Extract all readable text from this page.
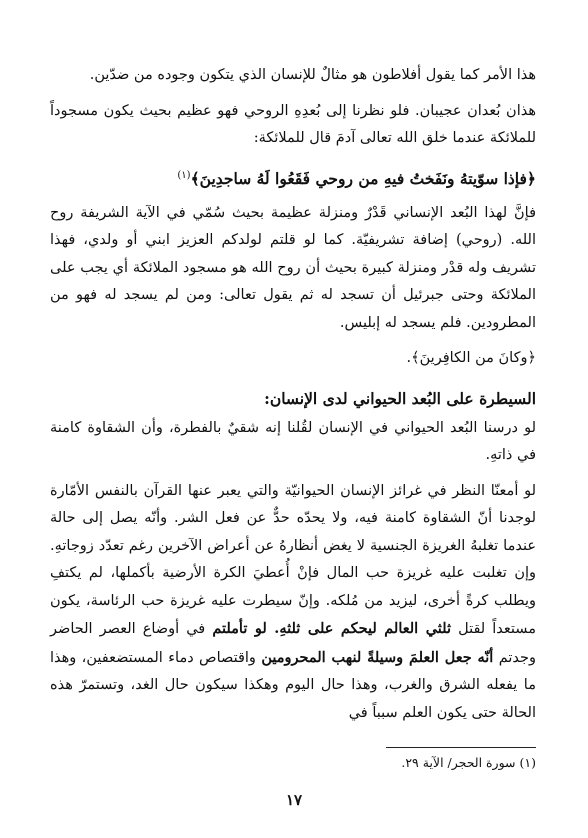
هذا الأمر كما يقول أفلاطون هو مثالٌ للإنسان الذي يتكون وجوده من ضدّين.

هذان بُعدان عجيبان. فلو نظرنا إلى بُعدِهِ الروحي فهو عظيم بحيث يكون مسجوداً للملائكة عندما خلق الله تعالى آدمَ قال للملائكة:

﴿فإذا سوّيتهُ ونَفَختُ فيهِ من روحي فَقَعُوا لَهُ ساجدِينَ﴾$^{(١)}$

فإنَّ لهذا البُعد الإنساني قَدْرٌ ومنزلة عظيمة بحيث سُمّي في الآية الشريفة روح الله. (روحي) إضافة تشريفيّة. كما لو قلتم لولدكم العزيز ابني أو ولدي، فهذا تشريف وله قدْر ومنزلة كبيرة بحيث أن روح الله هو مسجود الملائكة أي يجب على الملائكة وحتى جبرئيل أن تسجد له ثم يقول تعالى: ومن لم يسجد له فهو من المطرودين. فلم يسجد له إبليس.

﴿وكانَ من الكافِرينَ﴾.

السيطرة على البُعد الحيواني لدى الإنسان:

لو درسنا البُعد الحيواني في الإنسان لقُلنا إنه شقيٌ بالفطرة، وأن الشقاوة كامنة في ذاتهِ.

لو أمعنّا النظر في غرائز الإنسان الحيوانيّة والتي يعبر عنها القرآن بالنفس الأمّارة لوجدنا أنّ الشقاوة كامنة فيه، ولا يحدّه حدٌّ عن فعل الشر. وأنّه يصل إلى حالة عندما تغلبهُ الغريزة الجنسية لا يغض أنظارهُ عن أعراض الآخرين رغم تعدّد زوجاتهِ. وإن تغلبت عليه غريزة حب المال فإنْ أُعطيَ الكرة الأرضية بأكملها، لم يكتفِ ويطلب كرةً أخرى، ليزيد من مُلكه. وإنّ سيطرت عليه غريزة حب الرئاسة، يكون مستعداً لقتل ثلثي العالم ليحكم على ثلثهِ. لو تأملتم في أوضاع العصر الحاضر وجدتم أنّه جعل العلمَ وسيلةً لنهب المحرومين واقتصاص دماء المستضعفين، وهذا ما يفعله الشرق والغرب، وهذا حال اليوم وهكذا سيكون حال الغد، وتستمرّ هذه الحالة حتى يكون العلم سبباً في

(١) سورة الحجر/ الآية ٢٩.
١٧
